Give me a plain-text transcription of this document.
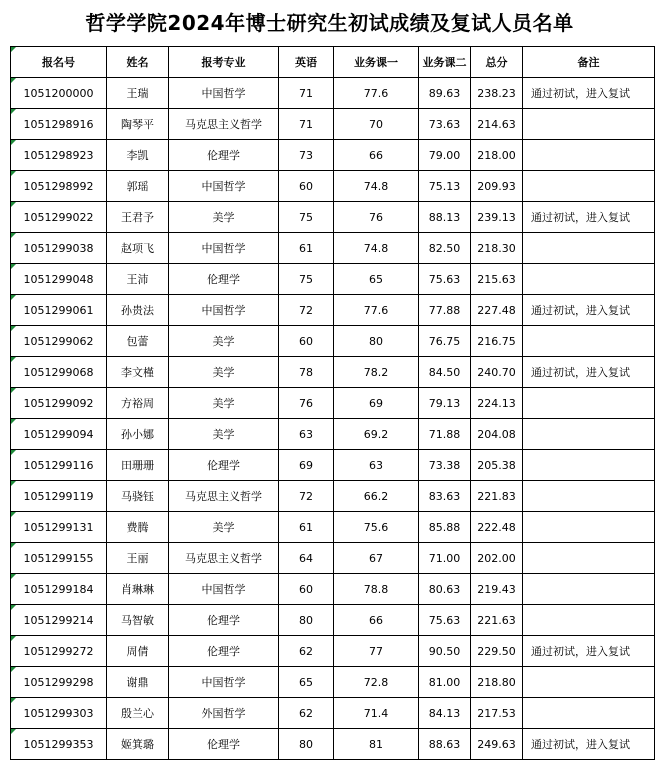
哲学学院2024年博士研究生初试成绩及复试人员名单
报名号	姓名	报考专业	英语	业务课一	业务课二	总分	备注

1051200000	王瑞	中国哲学	71	77.6	89.63	238.23	通过初试，进入复试

1051298916	陶琴平	马克思主义哲学	71	70	73.63	214.63	

1051298923	李凯	伦理学	73	66	79.00	218.00	

1051298992	郭瑶	中国哲学	60	74.8	75.13	209.93	

1051299022	王君予	美学	75	76	88.13	239.13	通过初试，进入复试

1051299038	赵项飞	中国哲学	61	74.8	82.50	218.30	

1051299048	王沛	伦理学	75	65	75.63	215.63	

1051299061	孙贵法	中国哲学	72	77.6	77.88	227.48	通过初试，进入复试

1051299062	包蕾	美学	60	80	76.75	216.75	

1051299068	李文槿	美学	78	78.2	84.50	240.70	通过初试，进入复试

1051299092	方裕周	美学	76	69	79.13	224.13	

1051299094	孙小娜	美学	63	69.2	71.88	204.08	

1051299116	田珊珊	伦理学	69	63	73.38	205.38	

1051299119	马骁钰	马克思主义哲学	72	66.2	83.63	221.83	

1051299131	费腾	美学	61	75.6	85.88	222.48	

1051299155	王丽	马克思主义哲学	64	67	71.00	202.00	

1051299184	肖琳琳	中国哲学	60	78.8	80.63	219.43	

1051299214	马智敏	伦理学	80	66	75.63	221.63	

1051299272	周倩	伦理学	62	77	90.50	229.50	通过初试，进入复试

1051299298	谢鼎	中国哲学	65	72.8	81.00	218.80	

1051299303	殷兰心	外国哲学	62	71.4	84.13	217.53	

1051299353	姬箕璐	伦理学	80	81	88.63	249.63	通过初试，进入复试
